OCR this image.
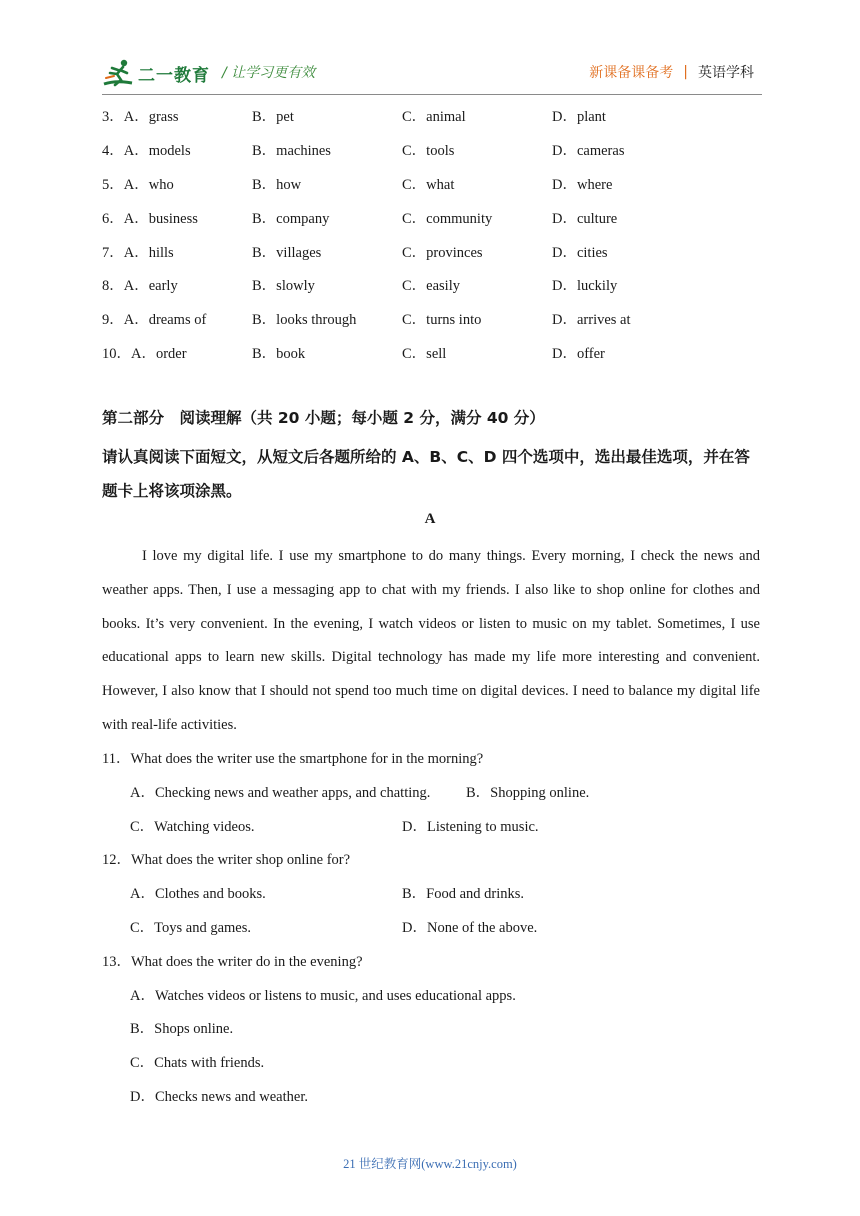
二一教育 / 让学习更有效	新课备课备考 | 英语学科
3．A．grass	B．pet	C．animal	D．plant
4．A．models	B．machines	C．tools	D．cameras
5．A．who	B．how	C．what	D．where
6．A．business	B．company	C．community	D．culture
7．A．hills	B．villages	C．provinces	D．cities
8．A．early	B．slowly	C．easily	D．luckily
9．A．dreams of	B．looks through	C．turns into	D．arrives at
10．A．order	B．book	C．sell	D．offer
第二部分　阅读理解（共 20 小题；每小题 2 分，满分 40 分）
请认真阅读下面短文，从短文后各题所给的 A、B、C、D 四个选项中，选出最佳选项，并在答题卡上将该项涂黑。
A

I love my digital life. I use my smartphone to do many things. Every morning, I check the news and weather apps. Then, I use a messaging app to chat with my friends. I also like to shop online for clothes and books. It’s very convenient. In the evening, I watch videos or listen to music on my tablet. Sometimes, I use educational apps to learn new skills. Digital technology has made my life more interesting and convenient. However, I also know that I should not spend too much time on digital devices. I need to balance my digital life with real-life activities.

11．What does the writer use the smartphone for in the morning?
A．Checking news and weather apps, and chatting. B．Shopping online.
C．Watching videos.	D．Listening to music.
12．What does the writer shop online for?
A．Clothes and books.	B．Food and drinks.
C．Toys and games.	D．None of the above.
13．What does the writer do in the evening?
A．Watches videos or listens to music, and uses educational apps.
B．Shops online.
C．Chats with friends.
D．Checks news and weather.
21 世纪教育网(www.21cnjy.com)
